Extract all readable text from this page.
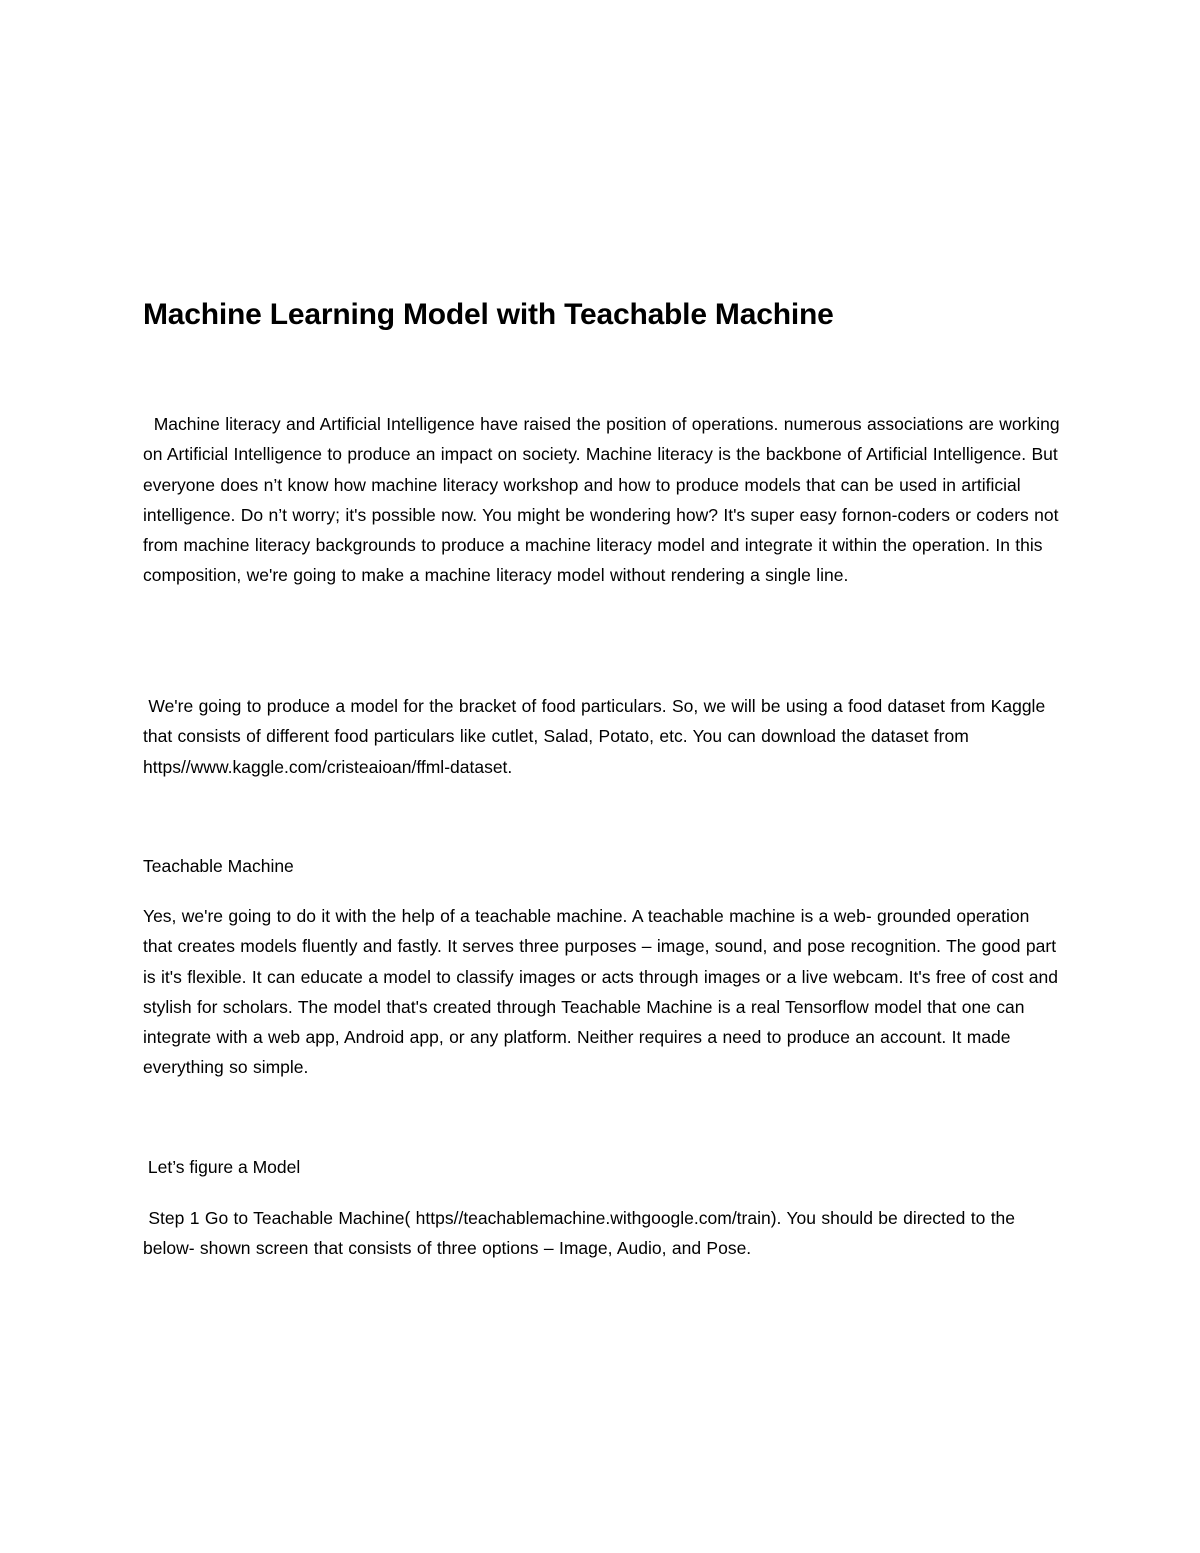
Machine Learning Model with Teachable Machine

Machine literacy and Artificial Intelligence have raised the position of operations. numerous associations are working on Artificial Intelligence to produce an impact on society. Machine literacy is the backbone of Artificial Intelligence. But everyone does n’t know how machine literacy workshop and how to produce models that can be used in artificial intelligence. Do n’t worry; it's possible now. You might be wondering how? It's super easy fornon-coders or coders not from machine literacy backgrounds to produce a machine literacy model and integrate it within the operation. In this composition, we're going to make a machine literacy model without rendering a single line.

We're going to produce a model for the bracket of food particulars. So, we will be using a food dataset from Kaggle that consists of different food particulars like cutlet, Salad, Potato, etc. You can download the dataset from https//www.kaggle.com/cristeaioan/ffml-dataset.

Teachable Machine

Yes, we're going to do it with the help of a teachable machine. A teachable machine is a web- grounded operation that creates models fluently and fastly. It serves three purposes – image, sound, and pose recognition. The good part is it's flexible. It can educate a model to classify images or acts through images or a live webcam. It's free of cost and stylish for scholars. The model that's created through Teachable Machine is a real Tensorflow model that one can integrate with a web app, Android app, or any platform. Neither requires a need to produce an account. It made everything so simple.

Let’s figure a Model

Step 1 Go to Teachable Machine( https//teachablemachine.withgoogle.com/train). You should be directed to the below- shown screen that consists of three options – Image, Audio, and Pose.
